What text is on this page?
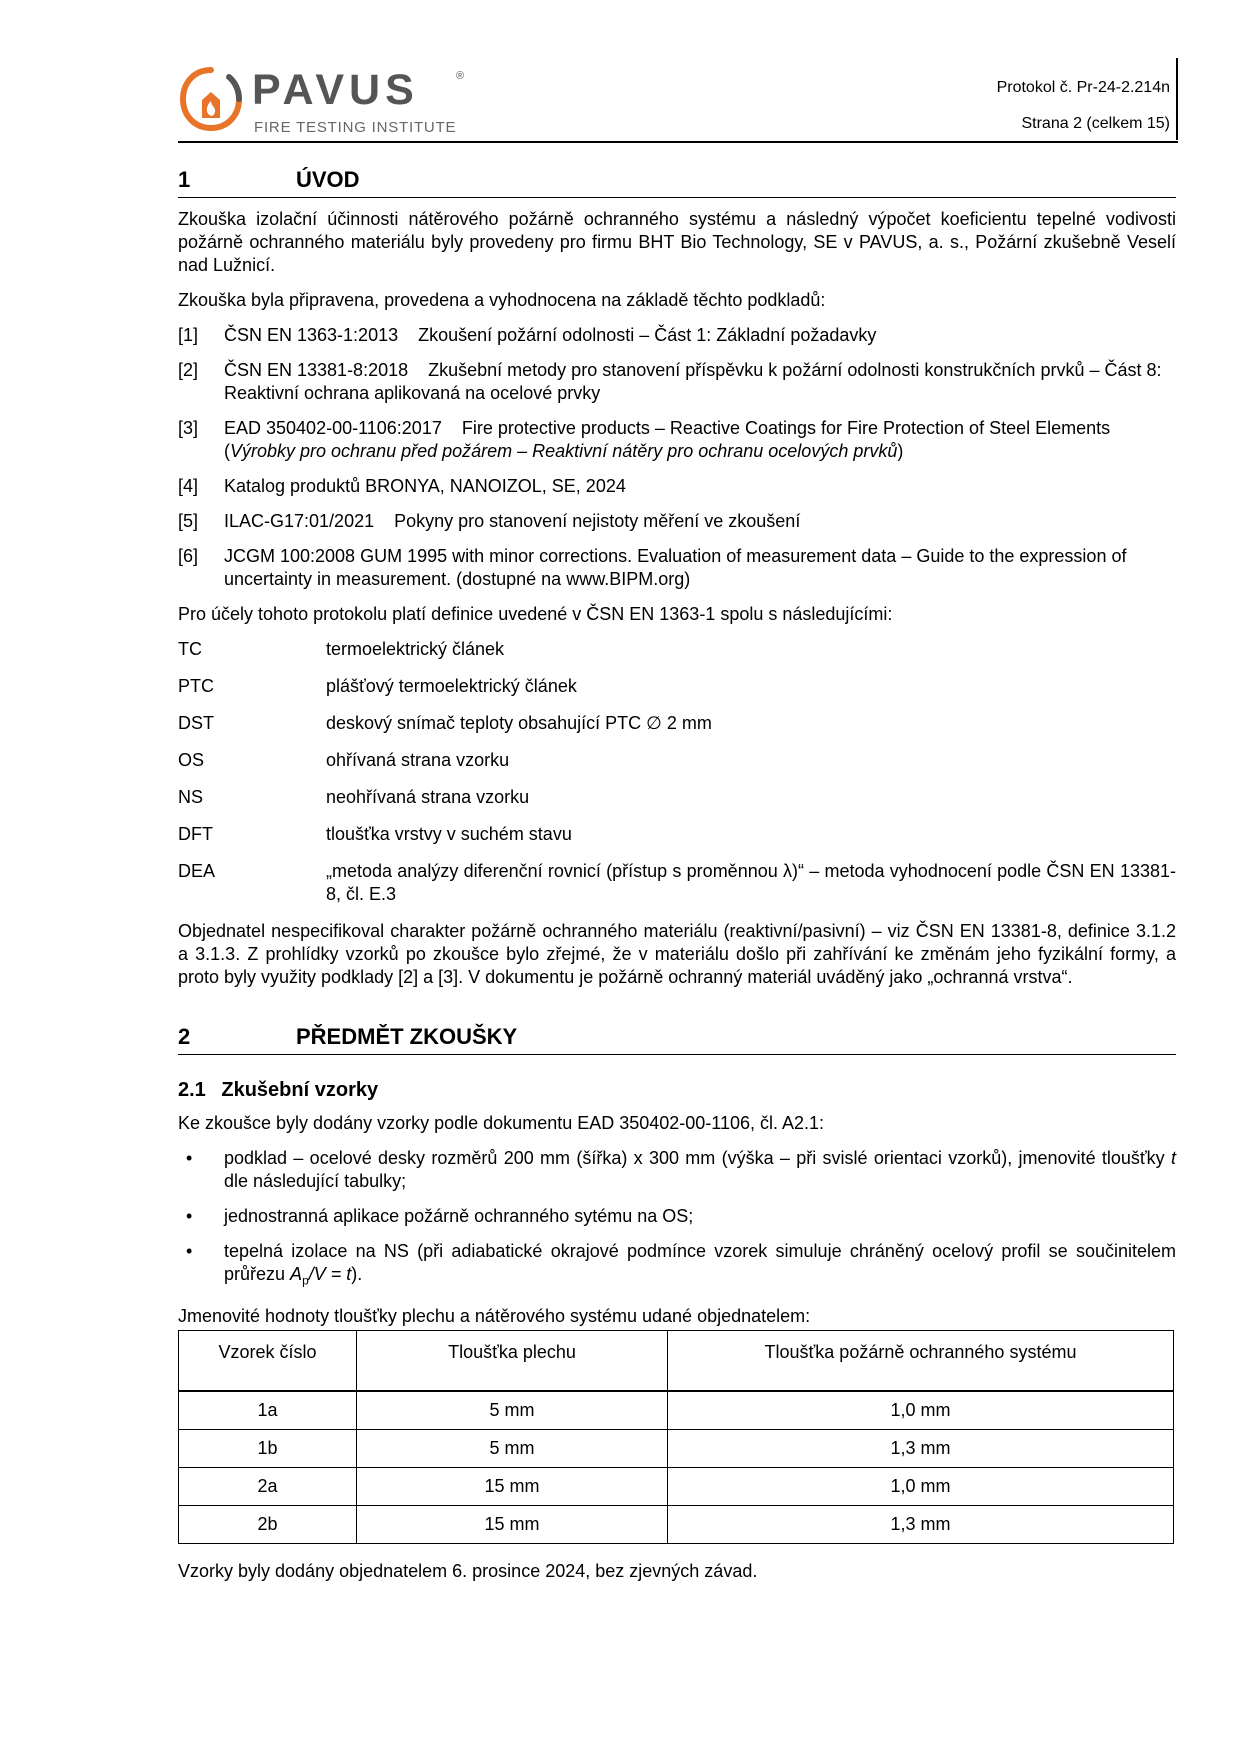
PAVUS	®
FIRE TESTING INSTITUTE
Protokol č. Pr-24-2.214n
Strana 2 (celkem 15)
1	ÚVOD

Zkouška izolační účinnosti nátěrového požárně ochranného systému a následný výpočet koeficientu tepelné vodivosti požárně ochranného materiálu byly provedeny pro firmu BHT Bio Technology, SE v PAVUS, a. s., Požární zkušebně Veselí nad Lužnicí.

Zkouška byla připravena, provedena a vyhodnocena na základě těchto podkladů:

[1]	ČSN EN 1363-1:2013    Zkoušení požární odolnosti – Část 1: Základní požadavky
[2]	ČSN EN 13381-8:2018    Zkušební metody pro stanovení příspěvku k požární odolnosti konstrukčních prvků – Část 8: Reaktivní ochrana aplikovaná na ocelové prvky
[3]	EAD 350402-00-1106:2017    Fire protective products – Reactive Coatings for Fire Protection of Steel Elements (Výrobky pro ochranu před požárem – Reaktivní nátěry pro ochranu ocelových prvků)
[4]	Katalog produktů BRONYA, NANOIZOL, SE, 2024
[5]	ILAC-G17:01/2021    Pokyny pro stanovení nejistoty měření ve zkoušení
[6]	JCGM 100:2008 GUM 1995 with minor corrections. Evaluation of measurement data – Guide to the expression of uncertainty in measurement. (dostupné na www.BIPM.org)

Pro účely tohoto protokolu platí definice uvedené v ČSN EN 1363-1 spolu s následujícími:

TC	termoelektrický článek
PTC	plášťový termoelektrický článek
DST	deskový snímač teploty obsahující PTC ∅ 2 mm
OS	ohřívaná strana vzorku
NS	neohřívaná strana vzorku
DFT	tloušťka vrstvy v suchém stavu
DEA	„metoda analýzy diferenční rovnicí (přístup s proměnnou λ)“ – metoda vyhodnocení podle ČSN EN 13381-8, čl. E.3

Objednatel nespecifikoval charakter požárně ochranného materiálu (reaktivní/pasivní) – viz ČSN EN 13381-8, definice 3.1.2 a 3.1.3. Z prohlídky vzorků po zkoušce bylo zřejmé, že v materiálu došlo při zahřívání ke změnám jeho fyzikální formy, a proto byly využity podklady [2] a [3]. V dokumentu je požárně ochranný materiál uváděný jako „ochranná vrstva“.

2	PŘEDMĚT ZKOUŠKY
2.1 Zkušební vzorky

Ke zkoušce byly dodány vzorky podle dokumentu EAD 350402-00-1106, čl. A2.1:

•	podklad – ocelové desky rozměrů 200 mm (šířka) x 300 mm (výška – při svislé orientaci vzorků), jmenovité tloušťky t dle následující tabulky;
•	jednostranná aplikace požárně ochranného sytému na OS;
•	tepelná izolace na NS (při adiabatické okrajové podmínce vzorek simuluje chráněný ocelový profil se součinitelem průřezu $A_p/V = t$).

Jmenovité hodnoty tloušťky plechu a nátěrového systému udané objednatelem:

Vzorek číslo	Tloušťka plechu	Tloušťka požárně ochranného systému
1a	5 mm	1,0 mm
1b	5 mm	1,3 mm
2a	15 mm	1,0 mm
2b	15 mm	1,3 mm

Vzorky byly dodány objednatelem 6. prosince 2024, bez zjevných závad.
